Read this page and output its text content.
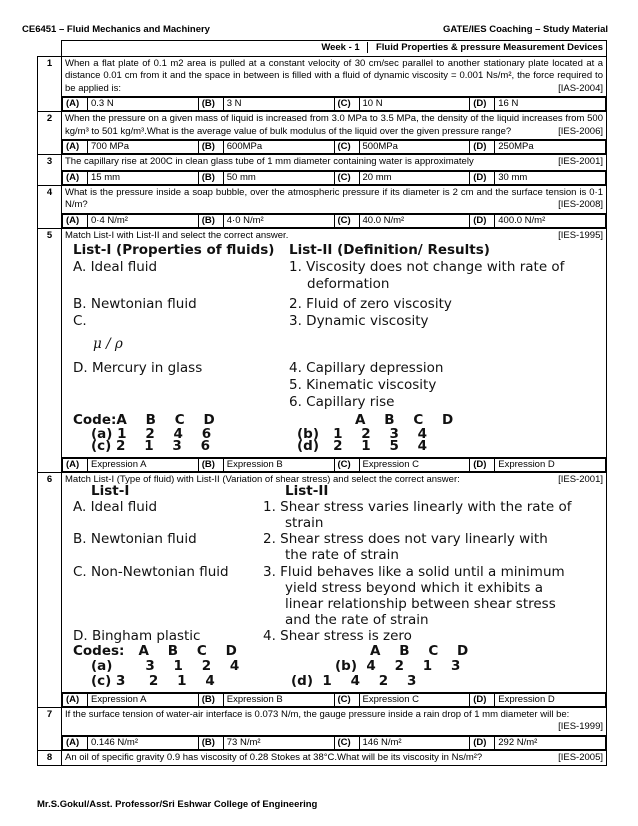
CE6451 – Fluid Mechanics and Machinery	GATE/IES Coaching – Study Material
	Week - 1 Fluid Properties & pressure Measurement Devices
1	When a flat plate of 0.1 m2 area is pulled at a constant velocity of 30 cm/sec parallel to another stationary plate located at a distance 0.01 cm from it and the space in between is filled with a fluid of dynamic viscosity = 0.001 Ns/m², the force required to be applied is:	[IAS-2004]

(A)	0.3 N	(B)	3 N	(C)	10 N	(D)	16 N

2	When the pressure on a given mass of liquid is increased from 3.0 MPa to 3.5 MPa, the density of the liquid increases from 500 kg/m³ to 501 kg/m³.What is the average value of bulk modulus of the liquid over the given pressure range?	[IES-2006]

(A)	700 MPa	(B)	600MPa	(C)	500MPa	(D)	250MPa

3	The capillary rise at 200C in clean glass tube of 1 mm diameter containing water is approximately	[IES-2001]

(A)	15 mm	(B)	50 mm	(C)	20 mm	(D)	30 mm

4	What is the pressure inside a soap bubble, over the atmospheric pressure if its diameter is 2 cm and the surface tension is 0·1 N/m?	[IES-2008]

(A)	0·4 N/m²	(B)	4·0 N/m²	(C)	40.0 N/m²	(D)	400.0 N/m²

5	Match List-I with List-II and select the correct answer.	[IES-1995]
List-I (Properties of fluids) List-II (Definition/ Results)
A. Ideal fluid	1. Viscosity does not change with rate of
deformation
B. Newtonian fluid	2. Fluid of zero viscosity
C.	3. Dynamic viscosity
μ / ρ
D. Mercury in glass	4. Capillary depression
5. Kinematic viscosity
6. Capillary rise
Code:A    B    C    D	A    B    C    D
(a) 1    2    4    6	(b)   1    2    3    4
(c) 2    1    3    6	(d)   2    1    5    4

(A)	Expression A	(B)	Expression B	(C)	Expression C	(D)	Expression D

6	Match List-I (Type of fluid) with List-II (Variation of shear stress) and select the correct answer:	[IES-2001]
List-I	List-II
A. Ideal fluid	1. Shear stress varies linearly with the rate of
strain
B. Newtonian fluid	2. Shear stress does not vary linearly with
the rate of strain
C. Non-Newtonian fluid	3. Fluid behaves like a solid until a minimum
yield stress beyond which it exhibits a
linear relationship between shear stress
and the rate of strain
D. Bingham plastic	4. Shear stress is zero
Codes:   A    B    C    D	A    B    C    D
(a)       3    1    2    4	(b)  4    2    1    3
(c) 3     2    1    4	(d)  1    4    2    3

(A)	Expression A	(B)	Expression B	(C)	Expression C	(D)	Expression D

7	If the surface tension of water-air interface is 0.073 N/m, the gauge pressure inside a rain drop of 1 mm diameter will be:
[IES-1999]

(A)	0.146 N/m²	(B)	73 N/m²	(C)	146 N/m²	(D)	292 N/m²

8	An oil of specific gravity 0.9 has viscosity of 0.28 Stokes at 38°C.What will be its viscosity in Ns/m²?	[IES-2005]
Mr.S.Gokul/Asst. Professor/Sri Eshwar College of Engineering
